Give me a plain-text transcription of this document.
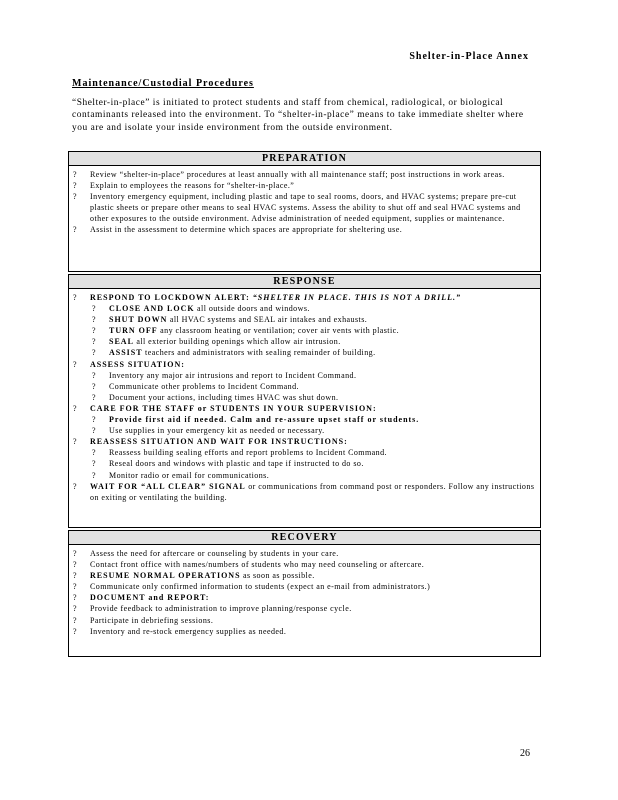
Shelter-in-Place Annex
Maintenance/Custodial Procedures
“Shelter-in-place” is initiated to protect students and staff from chemical, radiological, or biological contaminants released into the environment. To “shelter-in-place” means to take immediate shelter where you are and isolate your inside environment from the outside environment.
PREPARATION
? Review “shelter-in-place” procedures at least annually with all maintenance staff; post instructions in work areas.
? Explain to employees the reasons for “shelter-in-place.”
? Inventory emergency equipment, including plastic and tape to seal rooms, doors, and HVAC systems; prepare pre-cut plastic sheets or prepare other means to seal HVAC systems. Assess the ability to shut off and seal HVAC systems and other exposures to the outside environment. Advise administration of needed equipment, supplies or maintenance.
? Assist in the assessment to determine which spaces are appropriate for sheltering use.
RESPONSE
? RESPOND TO LOCKDOWN ALERT: “SHELTER IN PLACE. THIS IS NOT A DRILL.”
? CLOSE AND LOCK all outside doors and windows.
? SHUT DOWN all HVAC systems and SEAL air intakes and exhausts.
? TURN OFF any classroom heating or ventilation; cover air vents with plastic.
? SEAL all exterior building openings which allow air intrusion.
? ASSIST teachers and administrators with sealing remainder of building.
? ASSESS SITUATION:
? Inventory any major air intrusions and report to Incident Command.
? Communicate other problems to Incident Command.
? Document your actions, including times HVAC was shut down.
? CARE FOR THE STAFF or STUDENTS IN YOUR SUPERVISION:
? Provide first aid if needed. Calm and re-assure upset staff or students.
? Use supplies in your emergency kit as needed or necessary.
? REASSESS SITUATION AND WAIT FOR INSTRUCTIONS:
? Reassess building sealing efforts and report problems to Incident Command.
? Reseal doors and windows with plastic and tape if instructed to do so.
? Monitor radio or email for communications.
? WAIT FOR “ALL CLEAR” SIGNAL or communications from command post or responders. Follow any instructions on exiting or ventilating the building.
RECOVERY
? Assess the need for aftercare or counseling by students in your care.
? Contact front office with names/numbers of students who may need counseling or aftercare.
? RESUME NORMAL OPERATIONS as soon as possible.
? Communicate only confirmed information to students (expect an e-mail from administrators.)
? DOCUMENT and REPORT:
? Provide feedback to administration to improve planning/response cycle.
? Participate in debriefing sessions.
? Inventory and re-stock emergency supplies as needed.
26
